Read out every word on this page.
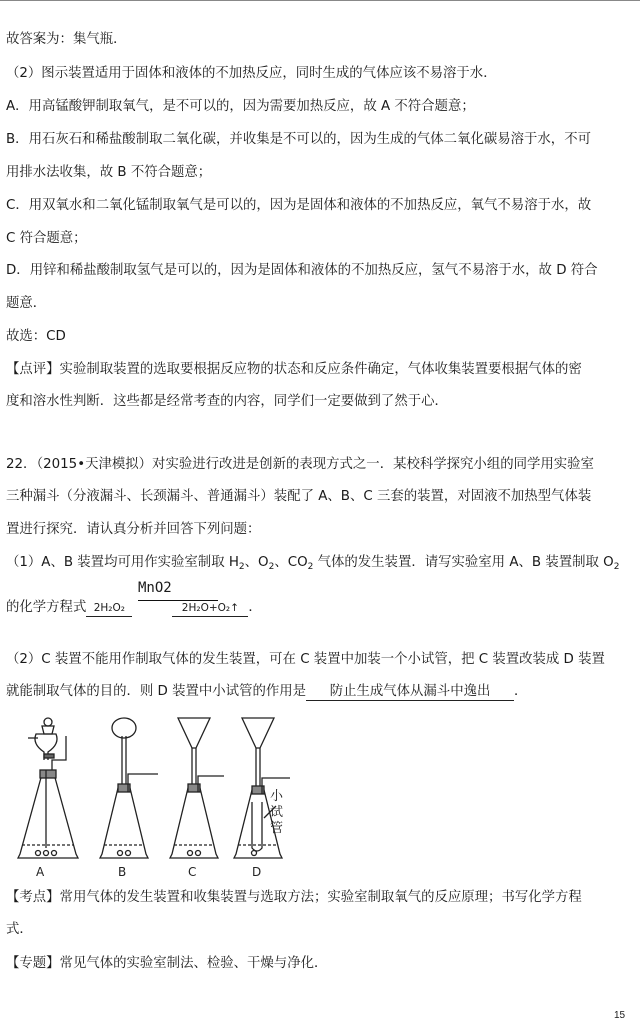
故答案为：集气瓶．
（2）图示装置适用于固体和液体的不加热反应，同时生成的气体应该不易溶于水．
A．用高锰酸钾制取氧气，是不可以的，因为需要加热反应，故 A 不符合题意；
B．用石灰石和稀盐酸制取二氧化碳，并收集是不可以的，因为生成的气体二氧化碳易溶于水，不可
用排水法收集，故 B 不符合题意；
C．用双氧水和二氧化锰制取氧气是可以的，因为是固体和液体的不加热反应，氧气不易溶于水，故
C 符合题意；
D．用锌和稀盐酸制取氢气是可以的，因为是固体和液体的不加热反应，氢气不易溶于水，故 D 符合
题意．
故选：CD
【点评】实验制取装置的选取要根据反应物的状态和反应条件确定，气体收集装置要根据气体的密
度和溶水性判断．这些都是经常考查的内容，同学们一定要做到了然于心．
22．（2015•天津模拟）对实验进行改进是创新的表现方式之一．某校科学探究小组的同学用实验室
三种漏斗（分液漏斗、长颈漏斗、普通漏斗）装配了 A、B、C 三套的装置，对固液不加热型气体装
置进行探究．请认真分析并回答下列问题：
（1）A、B 装置均可用作实验室制取 $H_2$、$O_2$、$CO_2$ 气体的发生装置．请写实验室用 A、B 装置制取 $O_2$
MnO2
的化学方程式 2H₂O₂	2H₂O+O₂↑ ．
（2）C 装置不能用作制取气体的发生装置，可在 C 装置中加装一个小试管，把 C 装置改装成 D 装置
就能制取气体的目的．则 D 装置中小试管的作用是 防止生成气体从漏斗中逸出 ．
A	B	C	D
小
试
管
【考点】常用气体的发生装置和收集装置与选取方法；实验室制取氧气的反应原理；书写化学方程
式．
【专题】常见气体的实验室制法、检验、干燥与净化．
15
